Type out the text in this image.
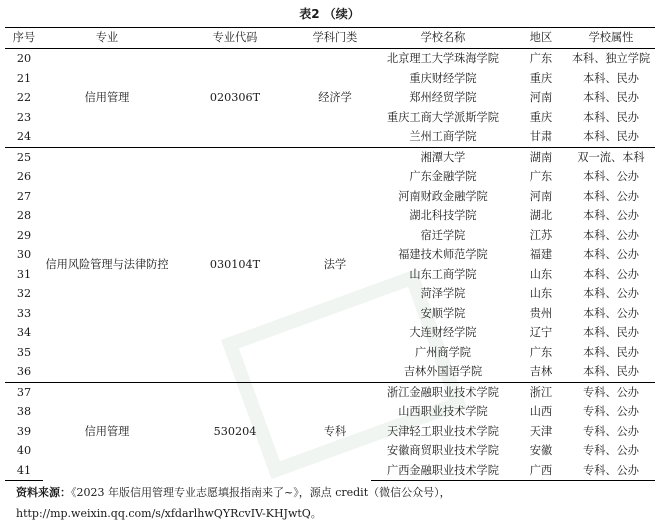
表2 （续）
序号	专业	专业代码	学科门类	学校名称	地区	学校属性
20	信用管理	020306T	经济学	北京理工大学珠海学院	广东	本科、独立学院
21				重庆财经学院	重庆	本科、民办
22				郑州经贸学院	河南	本科、民办
23				重庆工商大学派斯学院	重庆	本科、民办
24				兰州工商学院	甘肃	本科、民办
25	信用风险管理与法律防控	030104T	法学	湘潭大学	湖南	双一流、本科
26				广东金融学院	广东	本科、公办
27				河南财政金融学院	河南	本科、公办
28				湖北科技学院	湖北	本科、公办
29				宿迁学院	江苏	本科、公办
30				福建技术师范学院	福建	本科、公办
31				山东工商学院	山东	本科、公办
32				菏泽学院	山东	本科、公办
33				安顺学院	贵州	本科、公办
34				大连财经学院	辽宁	本科、民办
35				广州商学院	广东	本科、民办
36				吉林外国语学院	吉林	本科、民办
37	信用管理	530204	专科	浙江金融职业技术学院	浙江	专科、公办
38				山西职业技术学院	山西	专科、公办
39				天津轻工职业技术学院	天津	专科、公办
40				安徽商贸职业技术学院	安徽	专科、公办
41				广西金融职业技术学院	广西	专科、公办
资料来源：《2023 年版信用管理专业志愿填报指南来了~》，源点 credit（微信公众号），http://mp.weixin.qq.com/s/xfdarlhwQYRcvIV-KHJwtQ。
